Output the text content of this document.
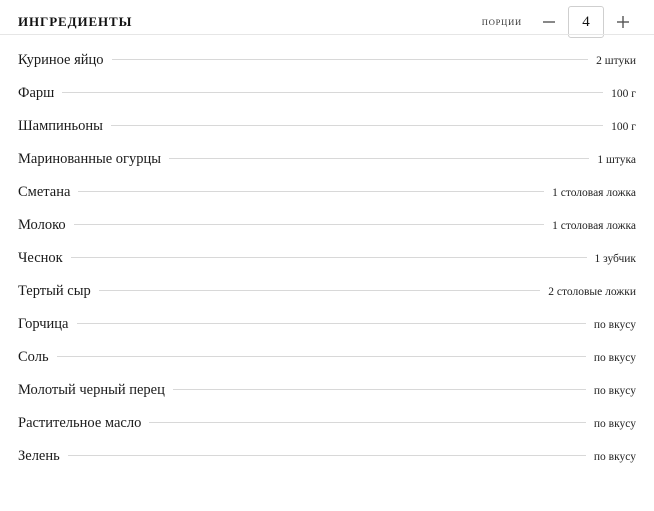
ИНГРЕДИЕНТЫ	ПОРЦИИ	4
Куриное яйцо	2 штуки
Фарш	100 г
Шампиньоны	100 г
Маринованные огурцы	1 штука
Сметана	1 столовая ложка
Молоко	1 столовая ложка
Чеснок	1 зубчик
Тертый сыр	2 столовые ложки
Горчица	по вкусу
Соль	по вкусу
Молотый черный перец	по вкусу
Растительное масло	по вкусу
Зелень	по вкусу
